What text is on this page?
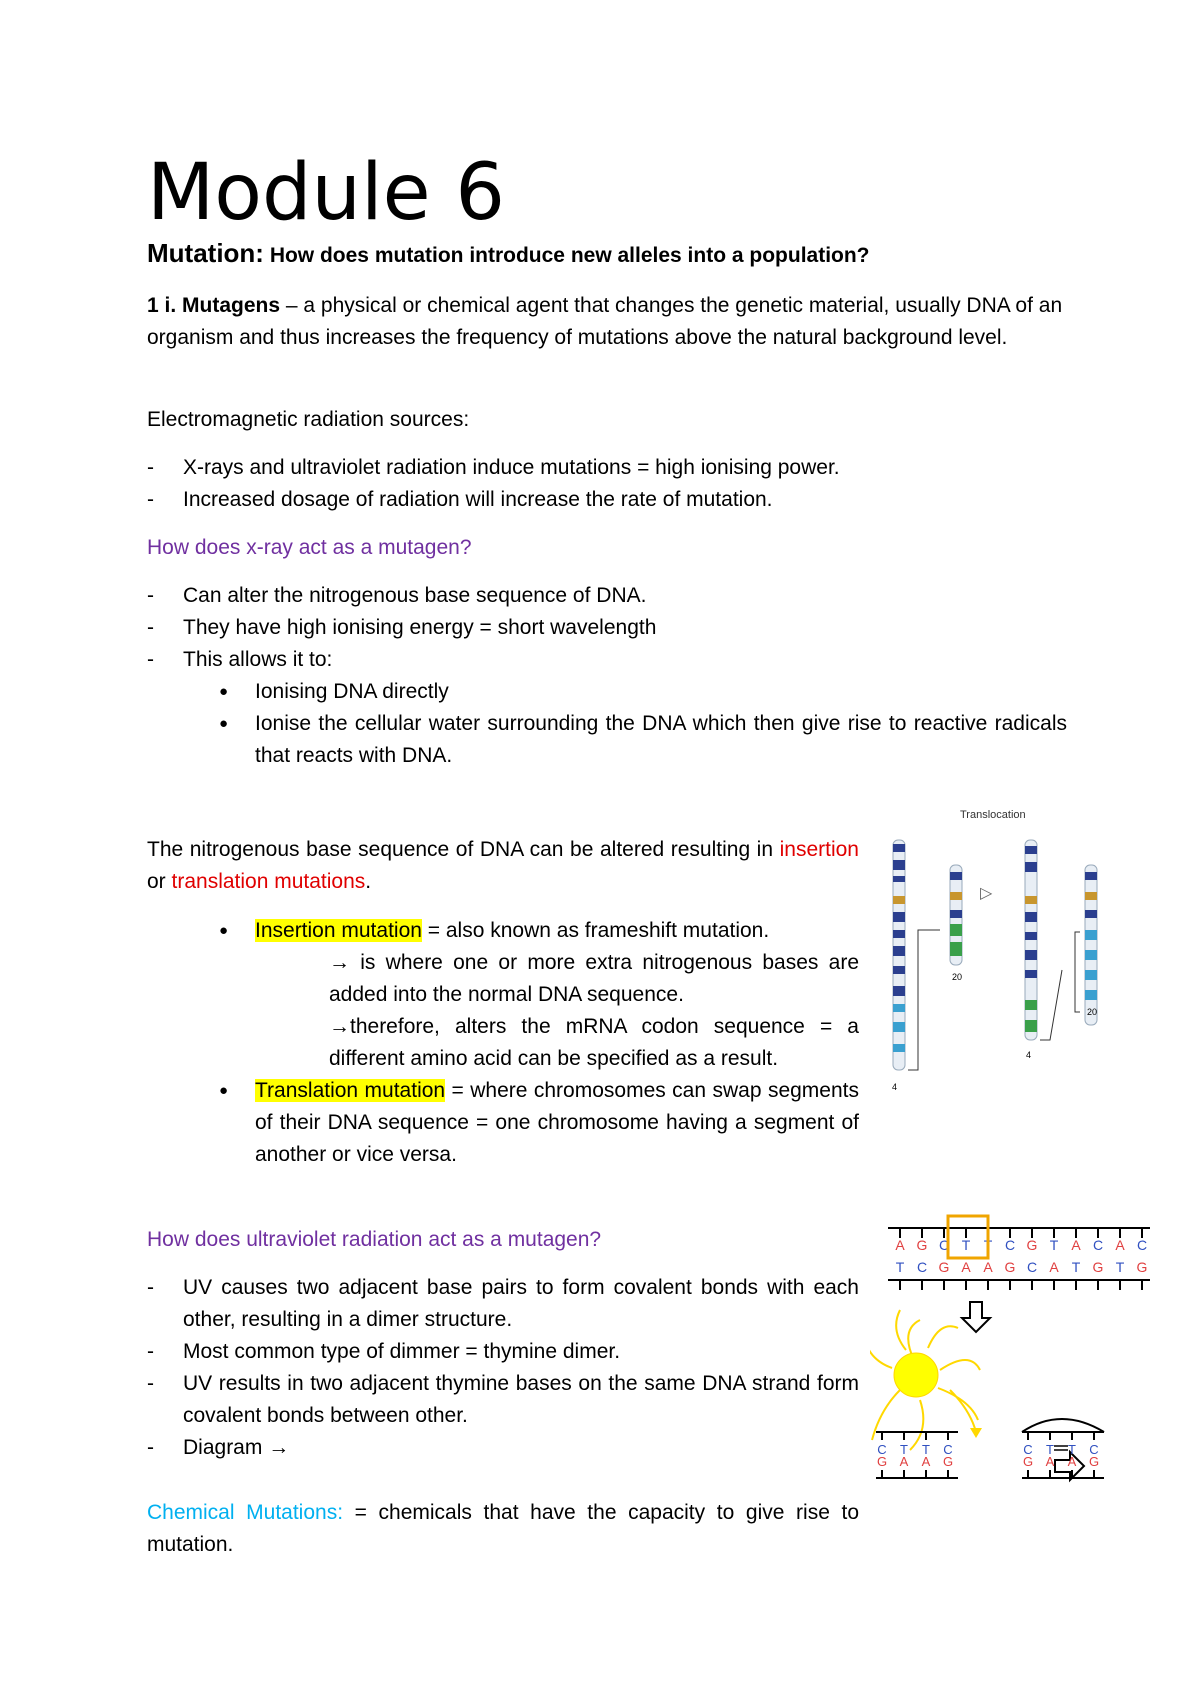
Module 6
Mutation: How does mutation introduce new alleles into a population?
1 i. Mutagens – a physical or chemical agent that changes the genetic material, usually DNA of an organism and thus increases the frequency of mutations above the natural background level.
Electromagnetic radiation sources:
- X-rays and ultraviolet radiation induce mutations = high ionising power.
- Increased dosage of radiation will increase the rate of mutation.
How does x-ray act as a mutagen?
- Can alter the nitrogenous base sequence of DNA.
- They have high ionising energy = short wavelength
- This allows it to:
● Ionising DNA directly
● Ionise the cellular water surrounding the DNA which then give rise to reactive radicals that reacts with DNA.
The nitrogenous base sequence of DNA can be altered resulting in insertion or translation mutations.
● Insertion mutation = also known as frameshift mutation.
→ is where one or more extra nitrogenous bases are added into the normal DNA sequence.
→therefore, alters the mRNA codon sequence = a different amino acid can be specified as a result.
● Translation mutation = where chromosomes can swap segments of their DNA sequence = one chromosome having a segment of another or vice versa.
Translocation
4
20
▷
4
20
How does ultraviolet radiation act as a mutagen?
- UV causes two adjacent base pairs to form covalent bonds with each other, resulting in a dimer structure.
- Most common type of dimmer = thymine dimer.
- UV results in two adjacent thymine bases on the same DNA strand form covalent bonds between other.
- Diagram →
A G C T T C G T A C A C
T C G A A G C A T G T G
C T T C
G A A G
C T T C
G A A G
Chemical Mutations: = chemicals that have the capacity to give rise to mutation.
